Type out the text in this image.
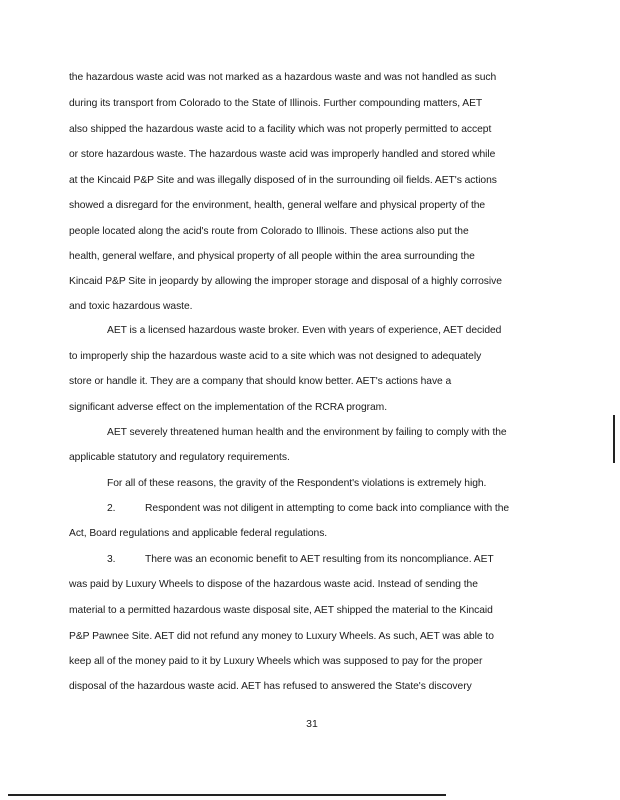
the hazardous waste acid was not marked as a hazardous waste and was not handled as such
during its transport from Colorado to the State of Illinois. Further compounding matters, AET
also shipped the hazardous waste acid to a facility which was not properly permitted to accept
or store hazardous waste. The hazardous waste acid was improperly handled and stored while
at the Kincaid P&P Site and was illegally disposed of in the surrounding oil fields. AET's actions
showed a disregard for the environment, health, general welfare and physical property of the
people located along the acid's route from Colorado to Illinois. These actions also put the
health, general welfare, and physical property of all people within the area surrounding the
Kincaid P&P Site in jeopardy by allowing the improper storage and disposal of a highly corrosive
and toxic hazardous waste.
AET is a licensed hazardous waste broker. Even with years of experience, AET decided
to improperly ship the hazardous waste acid to a site which was not designed to adequately
store or handle it. They are a company that should know better. AET's actions have a
significant adverse effect on the implementation of the RCRA program.
AET severely threatened human health and the environment by failing to comply with the
applicable statutory and regulatory requirements.
For all of these reasons, the gravity of the Respondent's violations is extremely high.
2.	Respondent was not diligent in attempting to come back into compliance with the
Act, Board regulations and applicable federal regulations.
3.	There was an economic benefit to AET resulting from its noncompliance. AET
was paid by Luxury Wheels to dispose of the hazardous waste acid. Instead of sending the
material to a permitted hazardous waste disposal site, AET shipped the material to the Kincaid
P&P Pawnee Site. AET did not refund any money to Luxury Wheels. As such, AET was able to
keep all of the money paid to it by Luxury Wheels which was supposed to pay for the proper
disposal of the hazardous waste acid. AET has refused to answered the State's discovery
31
